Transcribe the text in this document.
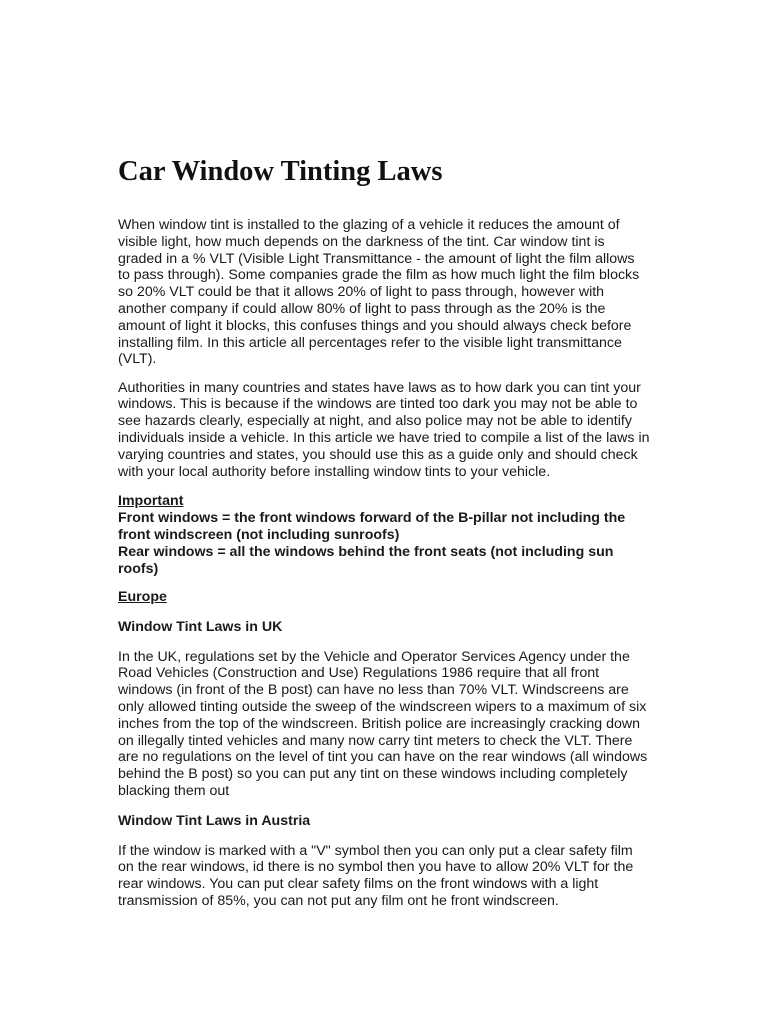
Car Window Tinting Laws

When window tint is installed to the glazing of a vehicle it reduces the amount of visible light, how much depends on the darkness of the tint. Car window tint is graded in a % VLT (Visible Light Transmittance - the amount of light the film allows to pass through). Some companies grade the film as how much light the film blocks so 20% VLT could be that it allows 20% of light to pass through, however with another company if could allow 80% of light to pass through as the 20% is the amount of light it blocks, this confuses things and you should always check before installing film. In this article all percentages refer to the visible light transmittance (VLT).

Authorities in many countries and states have laws as to how dark you can tint your windows. This is because if the windows are tinted too dark you may not be able to see hazards clearly, especially at night, and also police may not be able to identify individuals inside a vehicle. In this article we have tried to compile a list of the laws in varying countries and states, you should use this as a guide only and should check with your local authority before installing window tints to your vehicle.

Important
Front windows = the front windows forward of the B-pillar not including the front windscreen (not including sunroofs)
Rear windows = all the windows behind the front seats (not including sun roofs)

Europe

Window Tint Laws in UK

In the UK, regulations set by the Vehicle and Operator Services Agency under the Road Vehicles (Construction and Use) Regulations 1986 require that all front windows (in front of the B post) can have no less than 70% VLT. Windscreens are only allowed tinting outside the sweep of the windscreen wipers to a maximum of six inches from the top of the windscreen. British police are increasingly cracking down on illegally tinted vehicles and many now carry tint meters to check the VLT. There are no regulations on the level of tint you can have on the rear windows (all windows behind the B post) so you can put any tint on these windows including completely blacking them out

Window Tint Laws in Austria

If the window is marked with a "V" symbol then you can only put a clear safety film on the rear windows, id there is no symbol then you have to allow 20% VLT for the rear windows. You can put clear safety films on the front windows with a light transmission of 85%, you can not put any film ont he front windscreen.
